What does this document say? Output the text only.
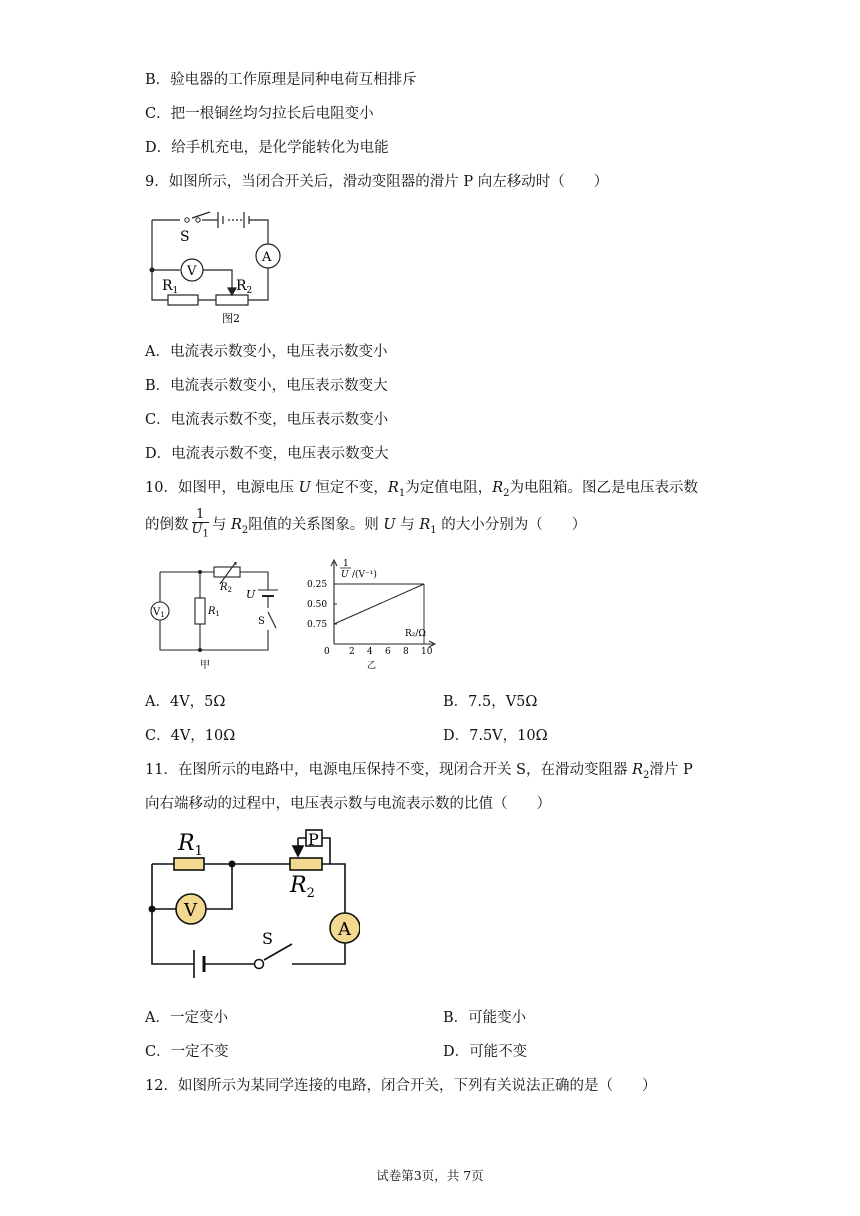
B．验电器的工作原理是同种电荷互相排斥
C．把一根铜丝均匀拉长后电阻变小
D．给手机充电，是化学能转化为电能
9．如图所示，当闭合开关后，滑动变阻器的滑片 P 向左移动时（　　）
S
A
V
$R_1$	$R_2$
图2
A．电流表示数变小，电压表示数变小
B．电流表示数变小，电压表示数变大
C．电流表示数不变，电压表示数变小
D．电流表示数不变，电压表示数变大
10．如图甲，电源电压 U 恒定不变，$R_1$为定值电阻，$R_2$为电阻箱。图乙是电压表示数
的倒数 $\frac{1}{U_1}$ 与 $R_2$阻值的关系图象。则 U 与 $R_1$ 的大小分别为（　　）
$V_1$	$R_1$
$R_2$ U
S
甲
0.75
0.50
0.25
2 4 6 8 10
1
U /(V⁻¹)
R₂/Ω
0
乙
A．4V，5Ω	B．7.5，V5Ω
C．4V，10Ω	D．7.5V，10Ω
11．在图所示的电路中，电源电压保持不变，现闭合开关 S，在滑动变阻器 $R_2$滑片 P
向右端移动的过程中，电压表示数与电流表示数的比值（　　）
P
$R_1$
$R_2$
V
A
S
A．一定变小	B．可能变小
C．一定不变	D．可能不变
12．如图所示为某同学连接的电路，闭合开关，下列有关说法正确的是（　　）
试卷第3页，共 7页
